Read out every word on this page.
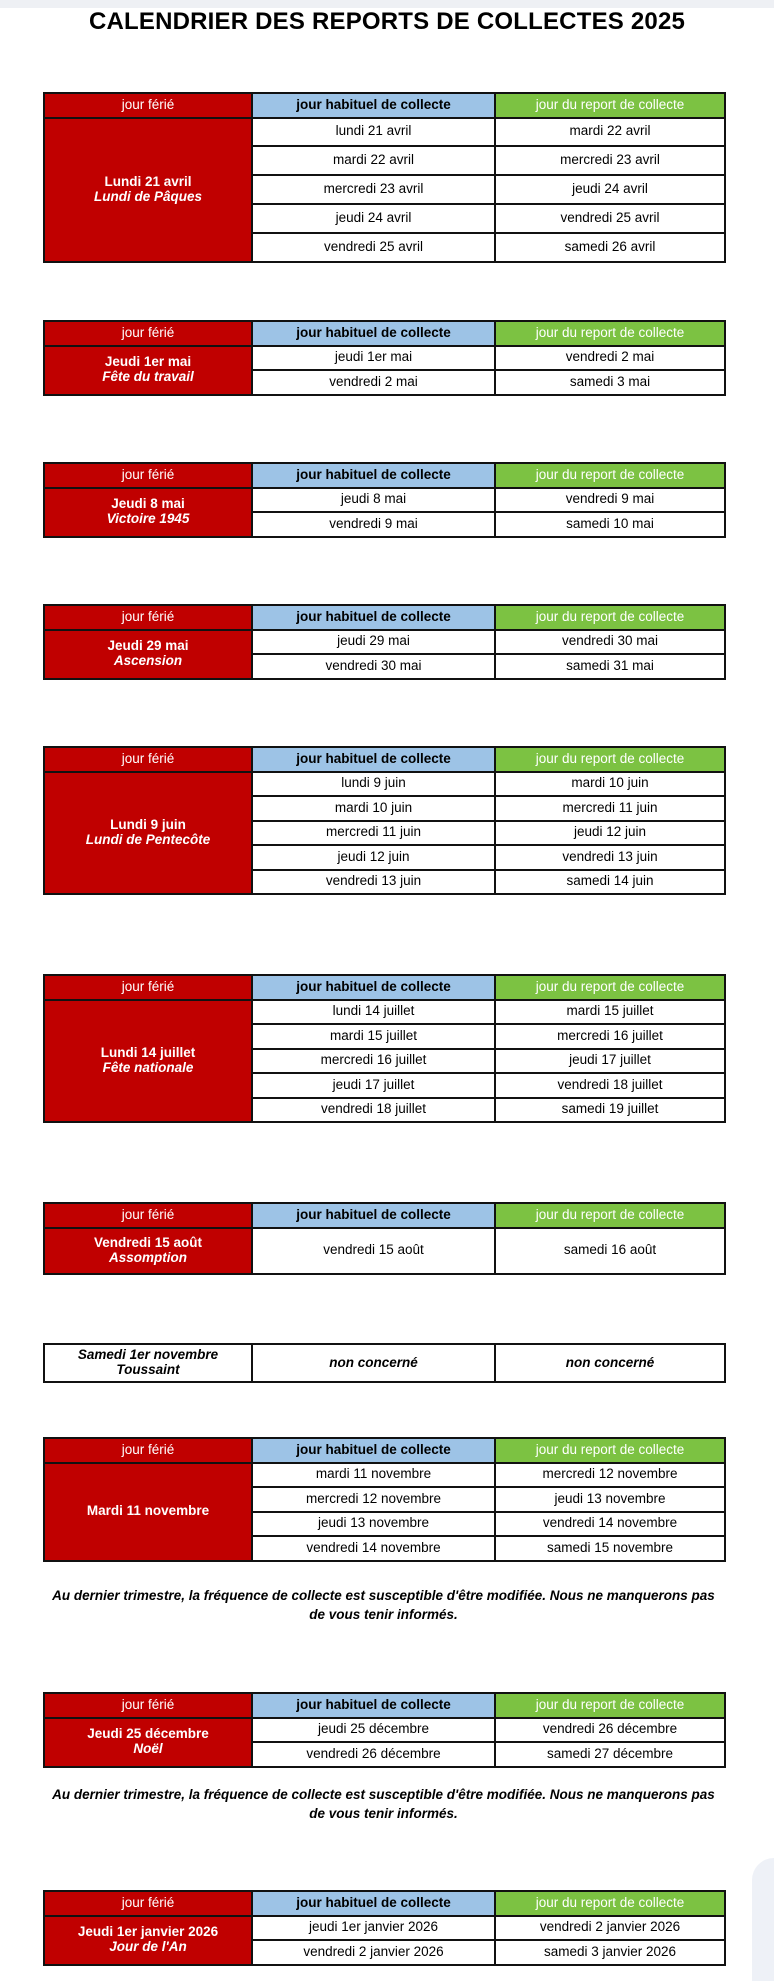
CALENDRIER DES REPORTS DE COLLECTES 2025
jour férié	jour habituel de collecte	jour du report de collecte

Lundi 21 avril
Lundi de Pâques	lundi 21 avril	mardi 22 avril
	mardi 22 avril	mercredi 23 avril
	mercredi 23 avril	jeudi 24 avril
	jeudi 24 avril	vendredi 25 avril
	vendredi 25 avril	samedi 26 avril
jour férié	jour habituel de collecte	jour du report de collecte

Jeudi 1er mai
Fête du travail	jeudi 1er mai	vendredi 2 mai
	vendredi 2 mai	samedi 3 mai
jour férié	jour habituel de collecte	jour du report de collecte

Jeudi 8 mai
Victoire 1945	jeudi 8 mai	vendredi 9 mai
	vendredi 9 mai	samedi 10 mai
jour férié	jour habituel de collecte	jour du report de collecte

Jeudi 29 mai
Ascension	jeudi 29 mai	vendredi 30 mai
	vendredi 30 mai	samedi 31 mai
jour férié	jour habituel de collecte	jour du report de collecte

Lundi 9 juin
Lundi de Pentecôte	lundi 9 juin	mardi 10 juin
	mardi 10 juin	mercredi 11 juin
	mercredi 11 juin	jeudi 12 juin
	jeudi 12 juin	vendredi 13 juin
	vendredi 13 juin	samedi 14 juin
jour férié	jour habituel de collecte	jour du report de collecte

Lundi 14 juillet
Fête nationale	lundi 14 juillet	mardi 15 juillet
	mardi 15 juillet	mercredi 16 juillet
	mercredi 16 juillet	jeudi 17 juillet
	jeudi 17 juillet	vendredi 18 juillet
	vendredi 18 juillet	samedi 19 juillet
jour férié	jour habituel de collecte	jour du report de collecte

Vendredi 15 août
Assomption	vendredi 15 août	samedi 16 août
Samedi 1er novembre
Toussaint	non concerné	non concerné
jour férié	jour habituel de collecte	jour du report de collecte

Mardi 11 novembre	mardi 11 novembre	mercredi 12 novembre
	mercredi 12 novembre	jeudi 13 novembre
	jeudi 13 novembre	vendredi 14 novembre
	vendredi 14 novembre	samedi 15 novembre
Au dernier trimestre, la fréquence de collecte est susceptible d'être modifiée. Nous ne manquerons pas de vous tenir informés.
jour férié	jour habituel de collecte	jour du report de collecte

Jeudi 25 décembre
Noël	jeudi 25 décembre	vendredi 26 décembre
	vendredi 26 décembre	samedi 27 décembre
Au dernier trimestre, la fréquence de collecte est susceptible d'être modifiée. Nous ne manquerons pas de vous tenir informés.
jour férié	jour habituel de collecte	jour du report de collecte

Jeudi 1er janvier 2026
Jour de l'An	jeudi 1er janvier 2026	vendredi 2 janvier 2026
	vendredi 2 janvier 2026	samedi 3 janvier 2026
